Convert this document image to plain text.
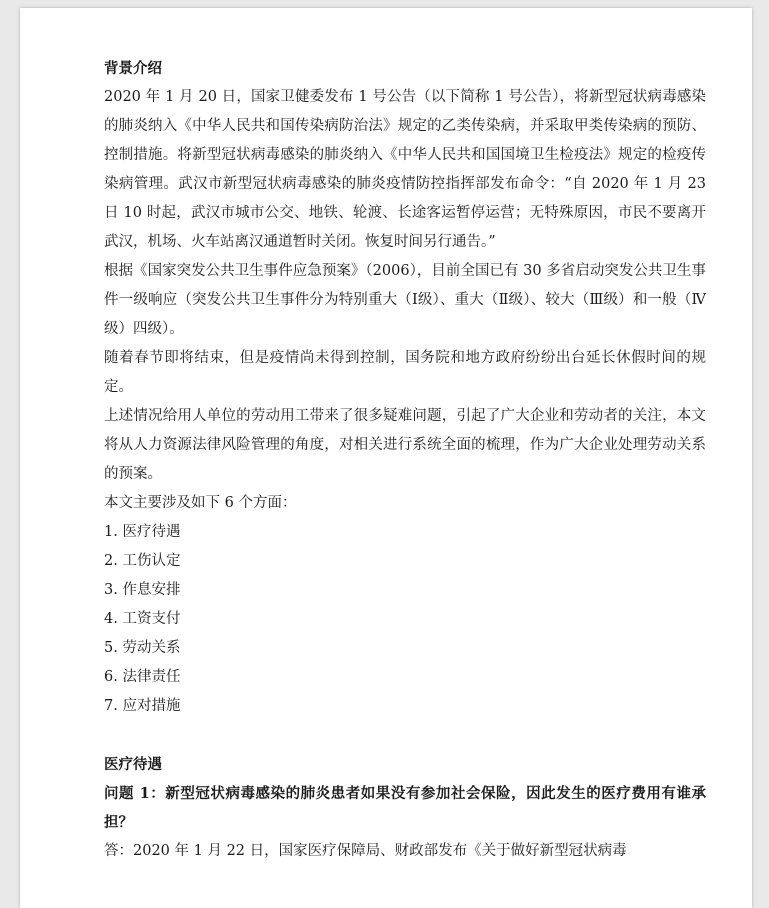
背景介绍

2020 年 1 月 20 日，国家卫健委发布 1 号公告（以下简称 1 号公告），将新型冠状病毒感染的肺炎纳入《中华人民共和国传染病防治法》规定的乙类传染病，并采取甲类传染病的预防、控制措施。将新型冠状病毒感染的肺炎纳入《中华人民共和国国境卫生检疫法》规定的检疫传染病管理。武汉市新型冠状病毒感染的肺炎疫情防控指挥部发布命令：“自 2020 年 1 月 23 日 10 时起，武汉市城市公交、地铁、轮渡、长途客运暂停运营；无特殊原因，市民不要离开武汉，机场、火车站离汉通道暂时关闭。恢复时间另行通告。”

根据《国家突发公共卫生事件应急预案》（2006），目前全国已有 30 多省启动突发公共卫生事件一级响应（突发公共卫生事件分为特别重大（Ⅰ级）、重大（Ⅱ级）、较大（Ⅲ级）和一般（Ⅳ级）四级）。

随着春节即将结束，但是疫情尚未得到控制，国务院和地方政府纷纷出台延长休假时间的规定。

上述情况给用人单位的劳动用工带来了很多疑难问题，引起了广大企业和劳动者的关注，本文将从人力资源法律风险管理的角度，对相关进行系统全面的梳理，作为广大企业处理劳动关系的预案。

本文主要涉及如下 6 个方面：

1. 医疗待遇

2. 工伤认定

3. 作息安排

4. 工资支付

5. 劳动关系

6. 法律责任

7. 应对措施

医疗待遇

问题 1：新型冠状病毒感染的肺炎患者如果没有参加社会保险，因此发生的医疗费用有谁承担？

答：2020 年 1 月 22 日，国家医疗保障局、财政部发布《关于做好新型冠状病毒
